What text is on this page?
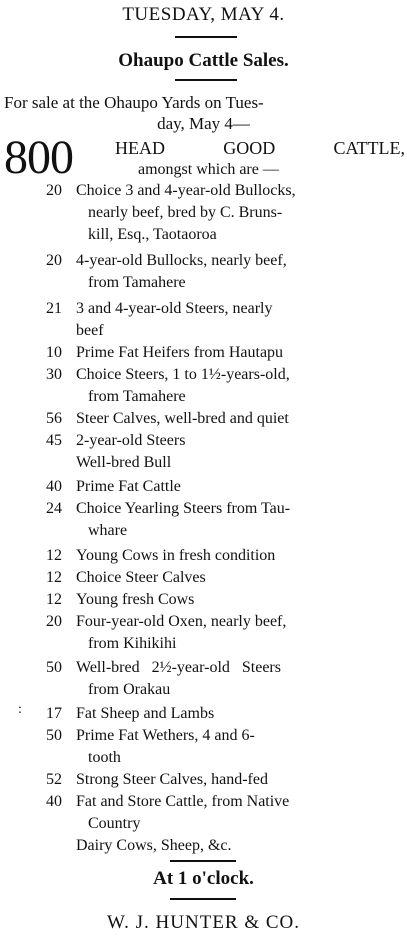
TUESDAY, MAY 4.
Ohaupo Cattle Sales.
For sale at the Ohaupo Yards on Tues-
day, May 4—
800 HEAD	GOOD	CATTLE,
amongst which are —
20 Choice 3 and 4-year-old Bullocks,
nearly beef, bred by C. Bruns-
kill, Esq., Taotaoroa
20 4-year-old Bullocks, nearly beef,
from Tamahere
21 3 and 4-year-old Steers, nearly
beef
10 Prime Fat Heifers from Hautapu
30 Choice Steers, 1 to 1½-years-old,
from Tamahere
56 Steer Calves, well-bred and quiet
45 2-year-old Steers
Well-bred Bull
40 Prime Fat Cattle
24 Choice Yearling Steers from Tau-
whare
12 Young Cows in fresh condition
12 Choice Steer Calves
12 Young fresh Cows
20 Four-year-old Oxen, nearly beef,
from Kihikihi
50 Well-bred   2½-year-old   Steers
from Orakau
: 17 Fat Sheep and Lambs
50 Prime Fat Wethers, 4 and 6-
tooth
52 Strong Steer Calves, hand-fed
40 Fat and Store Cattle, from Native
Country
Dairy Cows, Sheep, &c.
At 1 o'clock.
W. J. HUNTER & CO.
